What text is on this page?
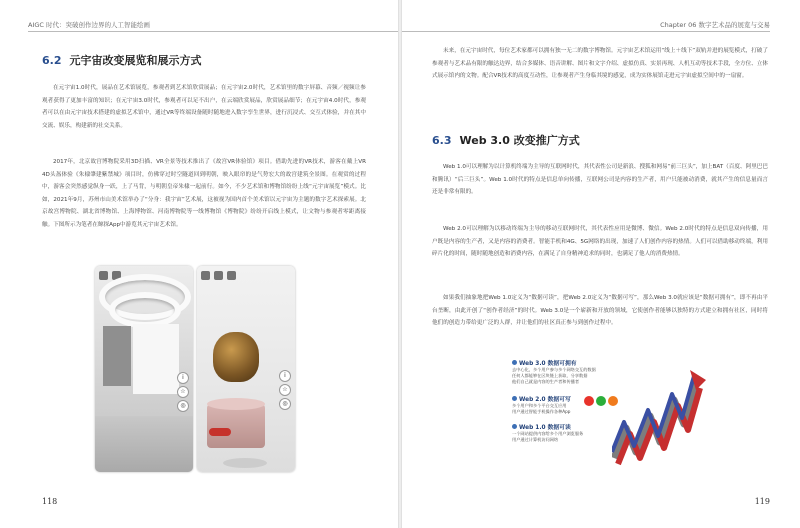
AIGC 时代：突破创作边界的人工智能绘画
6.2 元宇宙改变展览和展示方式

在元宇宙1.0时代，展品在艺术馆展览，参观者到艺术馆欣赏展品；在元宇宙2.0时代，艺术馆里的数字屏幕、音频／视频让参观者获得了更加丰富的知识；在元宇宙3.0时代，参观者可以足不出户，在云端欣赏展品，欣赏展品细节；在元宇宙4.0时代，参观者可以在由元宇宙技术搭建的虚拟艺术馆中，通过VR等终端设备随时随地进入数字孪生世界，进行沉浸式、交互式体验，并在其中交流、娱乐，构建新的社交关系。

2017年，北京故宫博物院采用3D扫描、VR全景等技术推出了《故宫VR体验馆》项目。借助先进的VR技术，游客在戴上VR 4D头盔体验《朱棣肇建紫禁城》项目时，仿佛穿过时空隧道回到明朝，映入眼帘的是气势宏大的故宫建筑全景图。在观赏的过程中，游客会突然感觉纵身一跃，上了马背，与明朝皇帝朱棣一起前行。如今，不少艺术馆和博物馆纷纷上线“元宇宙展览”模式。比如，2021年9月，苏州市山美术馆举办了“分身：我宇宙”艺术展，这被视为国内首个美术馆以元宇宙为主题的数字艺术探索展。北京故宫博物院、湖北省博物馆、上海博物馆、河南博物院等一线博物馆《博物院》纷纷开启线上模式，让文物与参观者零距离接触。下图所示为笔者在鲸探App中游览其元宇宙艺术馆。

i
☆
◎
i
☆
◎
118
Chapter 06 数字艺术品的展览与交易

未来，在元宇宙时代，每位艺术家都可以拥有独一无二的数字博物馆。元宇宙艺术馆运用“线上＋线下”双轨并进的展览模式，打破了参观者与艺术品有限的触达边界，结合多媒体、语音讲解、图片和文字介绍、虚拟仿真、实景再现、人机互动等技术手段，全方位、立体式展示馆内的文物。配合VR技术的高度互动性，让参观者产生身临其境的感觉，成为实体展馆走进元宇宙虚拟空间中的一扇窗。

6.3 Web 3.0 改变推广方式

Web 1.0可以理解为以计算机终端为主导的互联网时代，其代表性公司是新浪、搜狐和网易“前三巨头”，加上BAT（百度、阿里巴巴和腾讯）“后三巨头”。Web 1.0时代的特点是信息单向传播，互联网公司是内容的生产者，用户只能被动消费，就其产生的信息量而言还是非常有限的。

Web 2.0可以理解为以移动终端为主导的移动互联网时代，其代表性应用是微博、微信。Web 2.0时代的特点是信息双向传播，用户既是内容的生产者，又是内容的消费者。智能手机和4G、5G网络的出现，加速了人们创作内容的热情。人们可以借助移动终端，利用碎片化的时间，随时随地创造和消费内容，在满足了自身精神追求的同时，也满足了他人的消费热情。

如果我们抽象地把Web 1.0定义为“数据可读”，把Web 2.0定义为“数据可写”，那么Web 3.0就应该是“数据可拥有”，即不再由平台垄断，由此开创了“创作者经济”的时代。Web 3.0是一个崭新和开放的领域，它使创作者能够以独特的方式建立和拥有社区，同时将他们的创造力带给更广泛的人群，并让他们的社区真正参与到创作过程中。

Web 3.0 数据可拥有

去中心化，多个用户参与多个网络交互的数据

任何人都能够在区块链上获取、分享数据

他们自己就是内容的生产者和传播者

Web 2.0 数据可写

多个用户和多个平台交互应用

用户通过智能手机操作各种App

Web 1.0 数据可读

一个网站提供内容给多个用户浏览服务

用户通过计算机访问网络

119
